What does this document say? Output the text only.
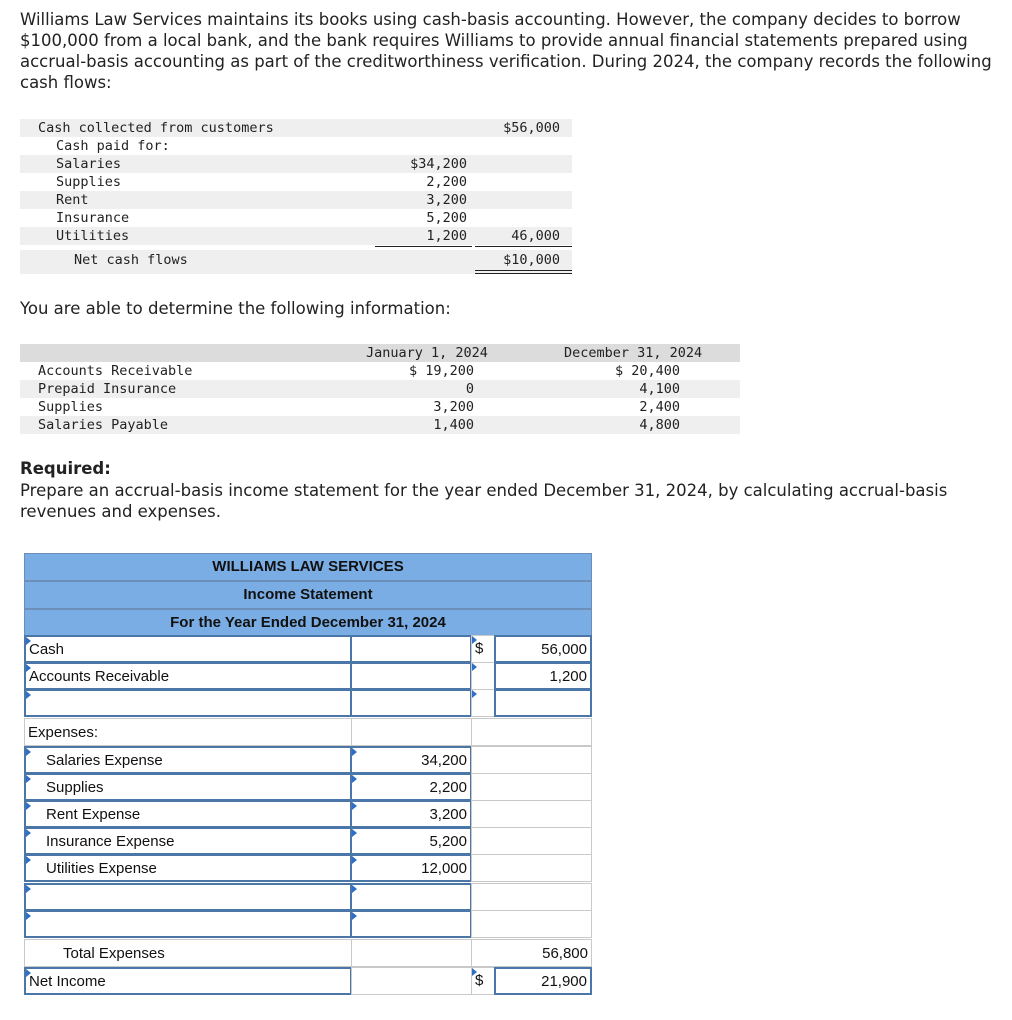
Williams Law Services maintains its books using cash-basis accounting. However, the company decides to borrow $100,000 from a local bank, and the bank requires Williams to provide annual financial statements prepared using accrual-basis accounting as part of the creditworthiness verification. During 2024, the company records the following cash flows:

Cash collected from customers	$56,000
Cash paid for:
Salaries	$34,200
Supplies	2,200
Rent	3,200
Insurance	5,200
Utilities	1,200	46,000
Net cash flows	$10,000

You are able to determine the following information:

January 1, 2024	December 31, 2024
Accounts Receivable	$ 19,200	$ 20,400
Prepaid Insurance	0	4,100
Supplies	3,200	2,400
Salaries Payable	1,400	4,800

Required:

Prepare an accrual-basis income statement for the year ended December 31, 2024, by calculating accrual-basis revenues and expenses.

WILLIAMS LAW SERVICES
Income Statement
For the Year Ended December 31, 2024
Cash	$	56,000
Accounts Receivable	1,200
Expenses:
Salaries Expense	34,200
Supplies	2,200
Rent Expense	3,200
Insurance Expense	5,200
Utilities Expense	12,000
Total Expenses	56,800
Net Income	$	21,900
